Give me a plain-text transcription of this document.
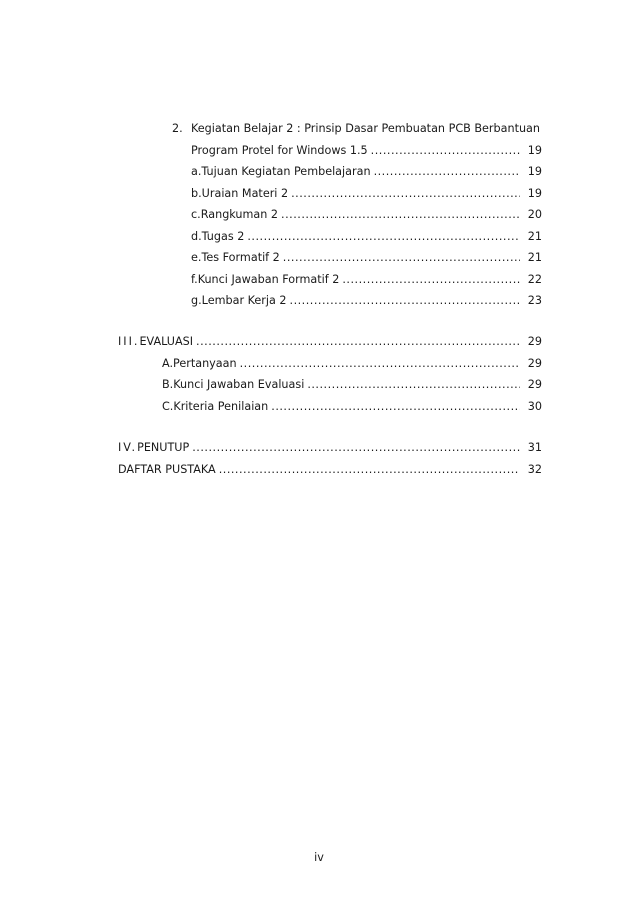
2. Kegiatan Belajar 2 : Prinsip Dasar Pembuatan PCB Berbantuan
Program Protel for Windows 1.5 .....	19
a. Tujuan Kegiatan Pembelajaran .....	19
b. Uraian Materi 2 .....	19
c. Rangkuman 2 .....	20
d. Tugas 2 .....	21
e. Tes Formatif 2 .....	21
f. Kunci Jawaban Formatif 2 .....	22
g. Lembar Kerja 2 .....	23
III. EVALUASI .....	29
A. Pertanyaan .....	29
B. Kunci Jawaban Evaluasi .....	29
C. Kriteria Penilaian .....	30
IV. PENUTUP .....	31
DAFTAR PUSTAKA .....	32
iv
